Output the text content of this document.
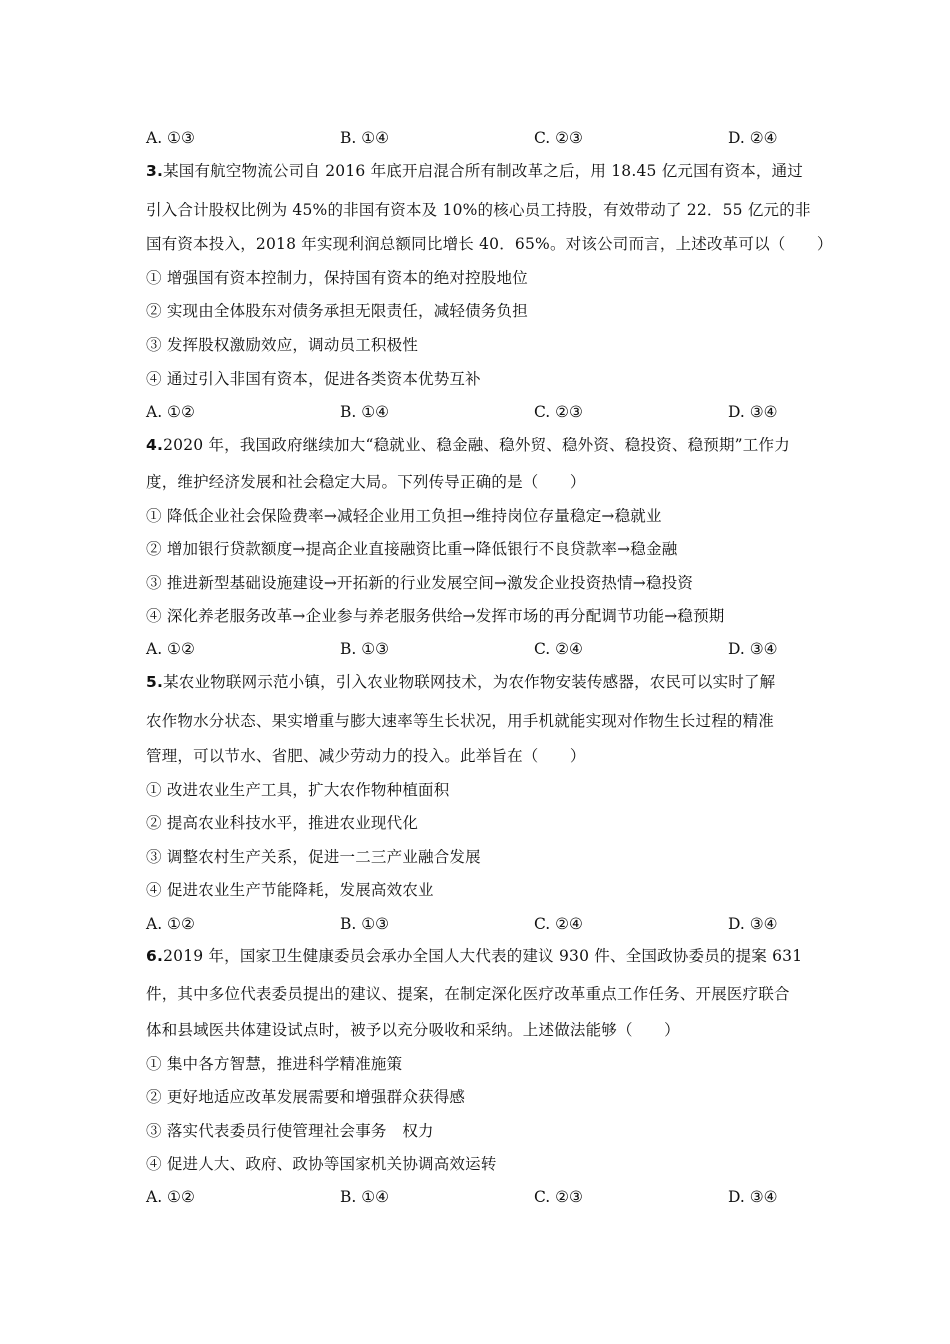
A. ①③	B. ①④	C. ②③	D. ②④
3.某国有航空物流公司自 2016 年底开启混合所有制改革之后，用 18.45 亿元国有资本，通过
引入合计股权比例为 45%的非国有资本及 10%的核心员工持股，有效带动了 22．55 亿元的非
国有资本投入，2018 年实现利润总额同比增长 40．65%。对该公司而言，上述改革可以（　　）
① 增强国有资本控制力，保持国有资本的绝对控股地位
② 实现由全体股东对债务承担无限责任，减轻债务负担
③ 发挥股权激励效应，调动员工积极性
④ 通过引入非国有资本，促进各类资本优势互补
A. ①②	B. ①④	C. ②③	D. ③④
4.2020 年，我国政府继续加大“稳就业、稳金融、稳外贸、稳外资、稳投资、稳预期”工作力
度，维护经济发展和社会稳定大局。下列传导正确的是（　　）
① 降低企业社会保险费率→减轻企业用工负担→维持岗位存量稳定→稳就业
② 增加银行贷款额度→提高企业直接融资比重→降低银行不良贷款率→稳金融
③ 推进新型基础设施建设→开拓新的行业发展空间→激发企业投资热情→稳投资
④ 深化养老服务改革→企业参与养老服务供给→发挥市场的再分配调节功能→稳预期
A. ①②	B. ①③	C. ②④	D. ③④
5.某农业物联网示范小镇，引入农业物联网技术，为农作物安装传感器，农民可以实时了解
农作物水分状态、果实增重与膨大速率等生长状况，用手机就能实现对作物生长过程的精准
管理，可以节水、省肥、减少劳动力的投入。此举旨在（　　）
① 改进农业生产工具，扩大农作物种植面积
② 提高农业科技水平，推进农业现代化
③ 调整农村生产关系，促进一二三产业融合发展
④ 促进农业生产节能降耗，发展高效农业
A. ①②	B. ①③	C. ②④	D. ③④
6.2019 年，国家卫生健康委员会承办全国人大代表的建议 930 件、全国政协委员的提案 631
件，其中多位代表委员提出的建议、提案，在制定深化医疗改革重点工作任务、开展医疗联合
体和县域医共体建设试点时，被予以充分吸收和采纳。上述做法能够（　　）
① 集中各方智慧，推进科学精准施策
② 更好地适应改革发展需要和增强群众获得感
③ 落实代表委员行使管理社会事务　权力
④ 促进人大、政府、政协等国家机关协调高效运转
A. ①②	B. ①④	C. ②③	D. ③④
